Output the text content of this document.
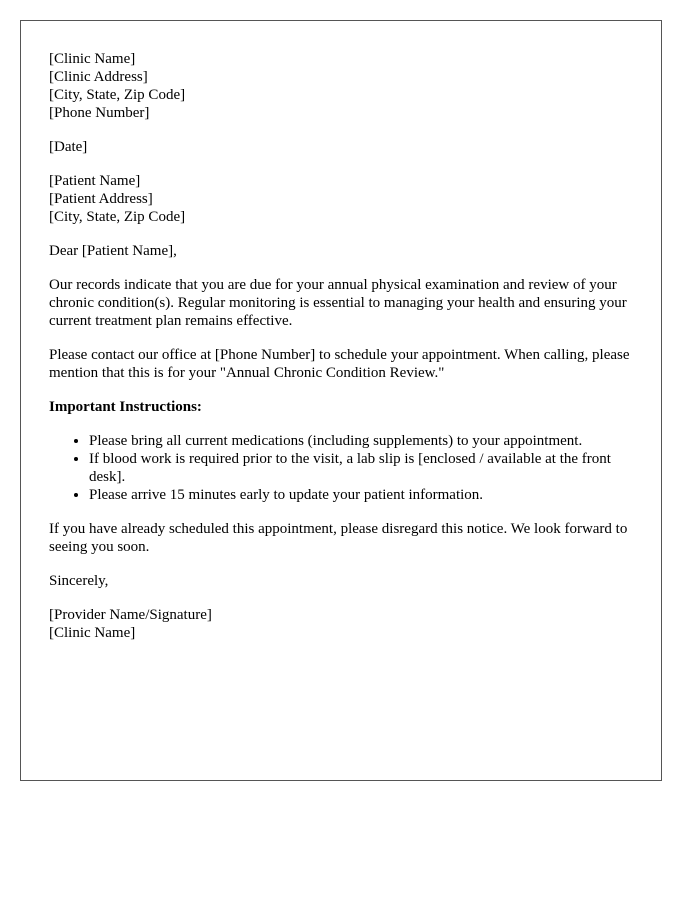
[Clinic Name]
[Clinic Address]
[City, State, Zip Code]
[Phone Number]
[Date]
[Patient Name]
[Patient Address]
[City, State, Zip Code]

Dear [Patient Name],

Our records indicate that you are due for your annual physical examination and review of your chronic condition(s). Regular monitoring is essential to managing your health and ensuring your current treatment plan remains effective.

Please contact our office at [Phone Number] to schedule your appointment. When calling, please mention that this is for your "Annual Chronic Condition Review."

Important Instructions:
• Please bring all current medications (including supplements) to your appointment.
• If blood work is required prior to the visit, a lab slip is [enclosed / available at the front desk].
• Please arrive 15 minutes early to update your patient information.

If you have already scheduled this appointment, please disregard this notice. We look forward to seeing you soon.

Sincerely,

[Provider Name/Signature]
[Clinic Name]
